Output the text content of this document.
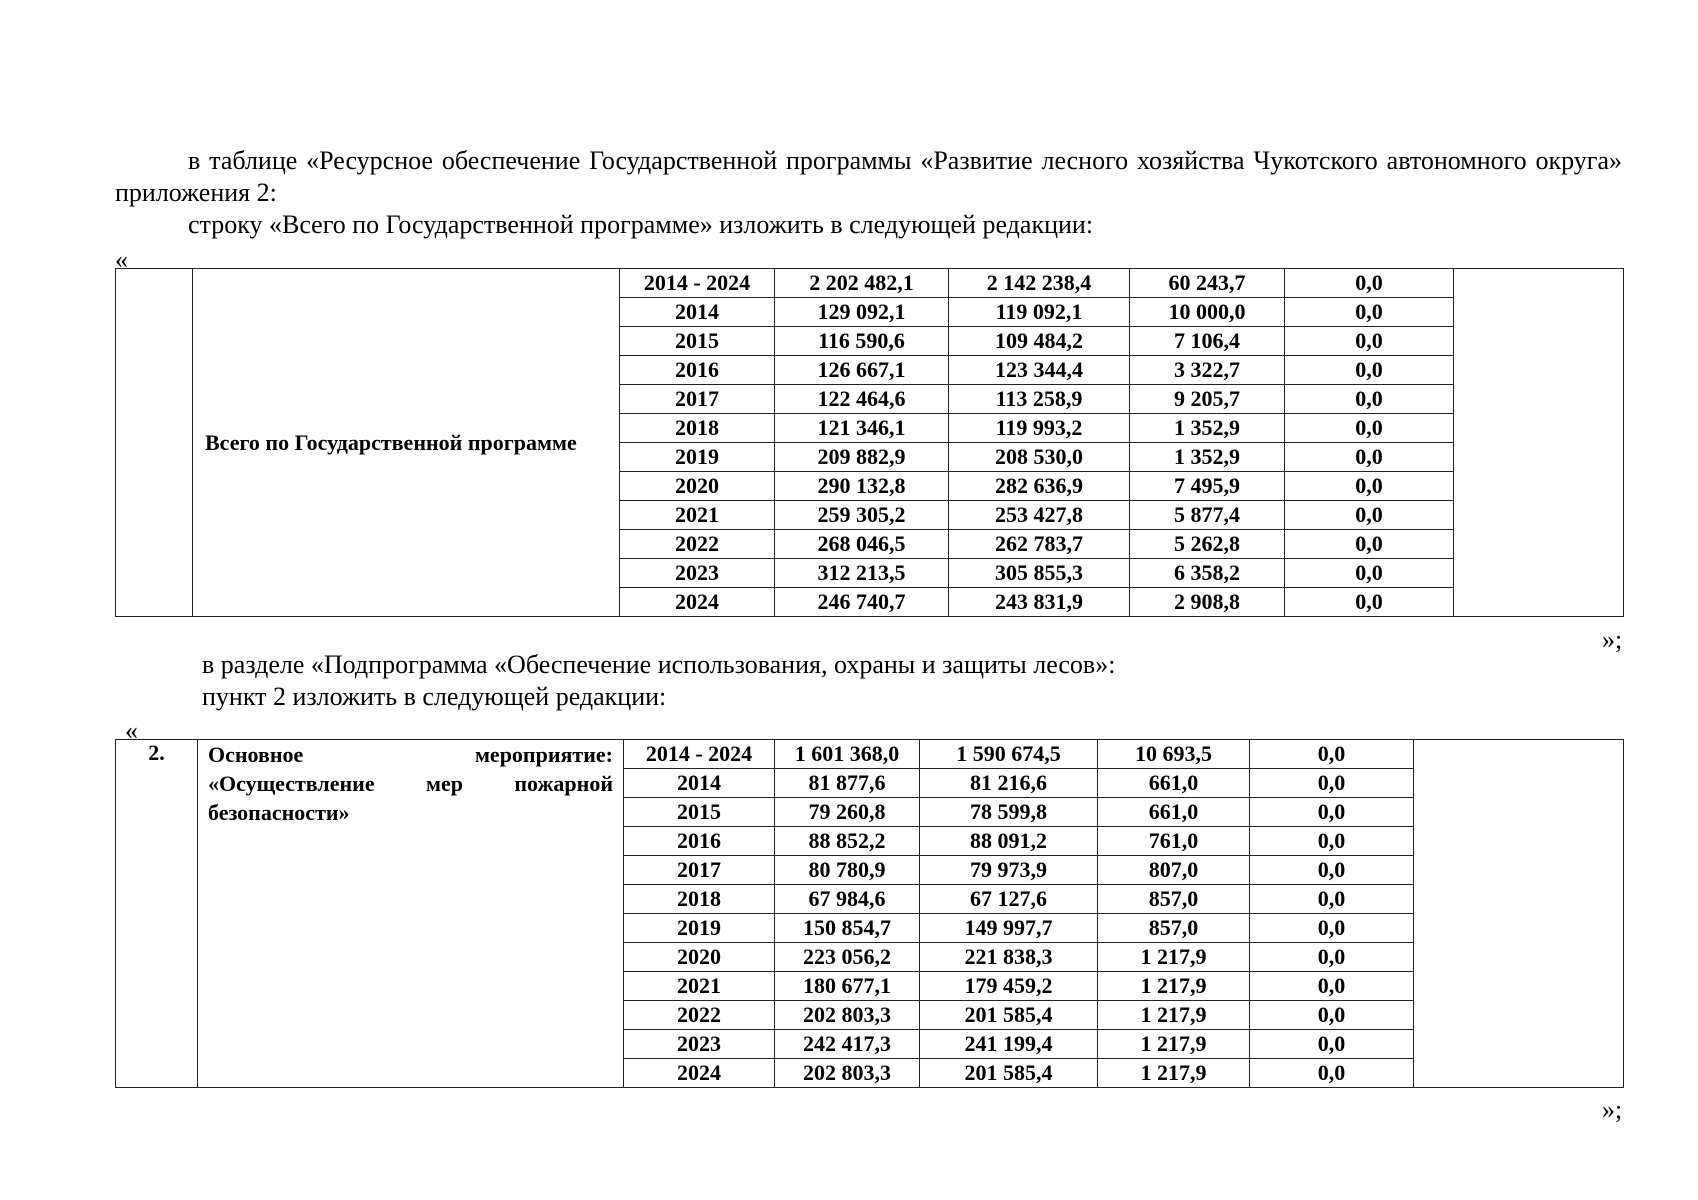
в таблице «Ресурсное обеспечение Государственной программы «Развитие лесного хозяйства Чукотского автономного округа» приложения 2:

строку «Всего по Государственной программе» изложить в следующей редакции:
«
	Всего по Государственной программе	2014 - 2024	2 202 482,1	2 142 238,4	60 243,7	0,0	
		2014	129 092,1	119 092,1	10 000,0	0,0	
		2015	116 590,6	109 484,2	7 106,4	0,0	
		2016	126 667,1	123 344,4	3 322,7	0,0	
		2017	122 464,6	113 258,9	9 205,7	0,0	
		2018	121 346,1	119 993,2	1 352,9	0,0	
		2019	209 882,9	208 530,0	1 352,9	0,0	
		2020	290 132,8	282 636,9	7 495,9	0,0	
		2021	259 305,2	253 427,8	5 877,4	0,0	
		2022	268 046,5	262 783,7	5 262,8	0,0	
		2023	312 213,5	305 855,3	6 358,2	0,0	
		2024	246 740,7	243 831,9	2 908,8	0,0	
»;
в разделе «Подпрограмма «Обеспечение использования, охраны и защиты лесов»:
пункт 2 изложить в следующей редакции:
«
2.	Основное мероприятие: «Осуществление мер пожарной безопасности»	2014 - 2024	1 601 368,0	1 590 674,5	10 693,5	0,0	
		2014	81 877,6	81 216,6	661,0	0,0	
		2015	79 260,8	78 599,8	661,0	0,0	
		2016	88 852,2	88 091,2	761,0	0,0	
		2017	80 780,9	79 973,9	807,0	0,0	
		2018	67 984,6	67 127,6	857,0	0,0	
		2019	150 854,7	149 997,7	857,0	0,0	
		2020	223 056,2	221 838,3	1 217,9	0,0	
		2021	180 677,1	179 459,2	1 217,9	0,0	
		2022	202 803,3	201 585,4	1 217,9	0,0	
		2023	242 417,3	241 199,4	1 217,9	0,0	
		2024	202 803,3	201 585,4	1 217,9	0,0	
»;
